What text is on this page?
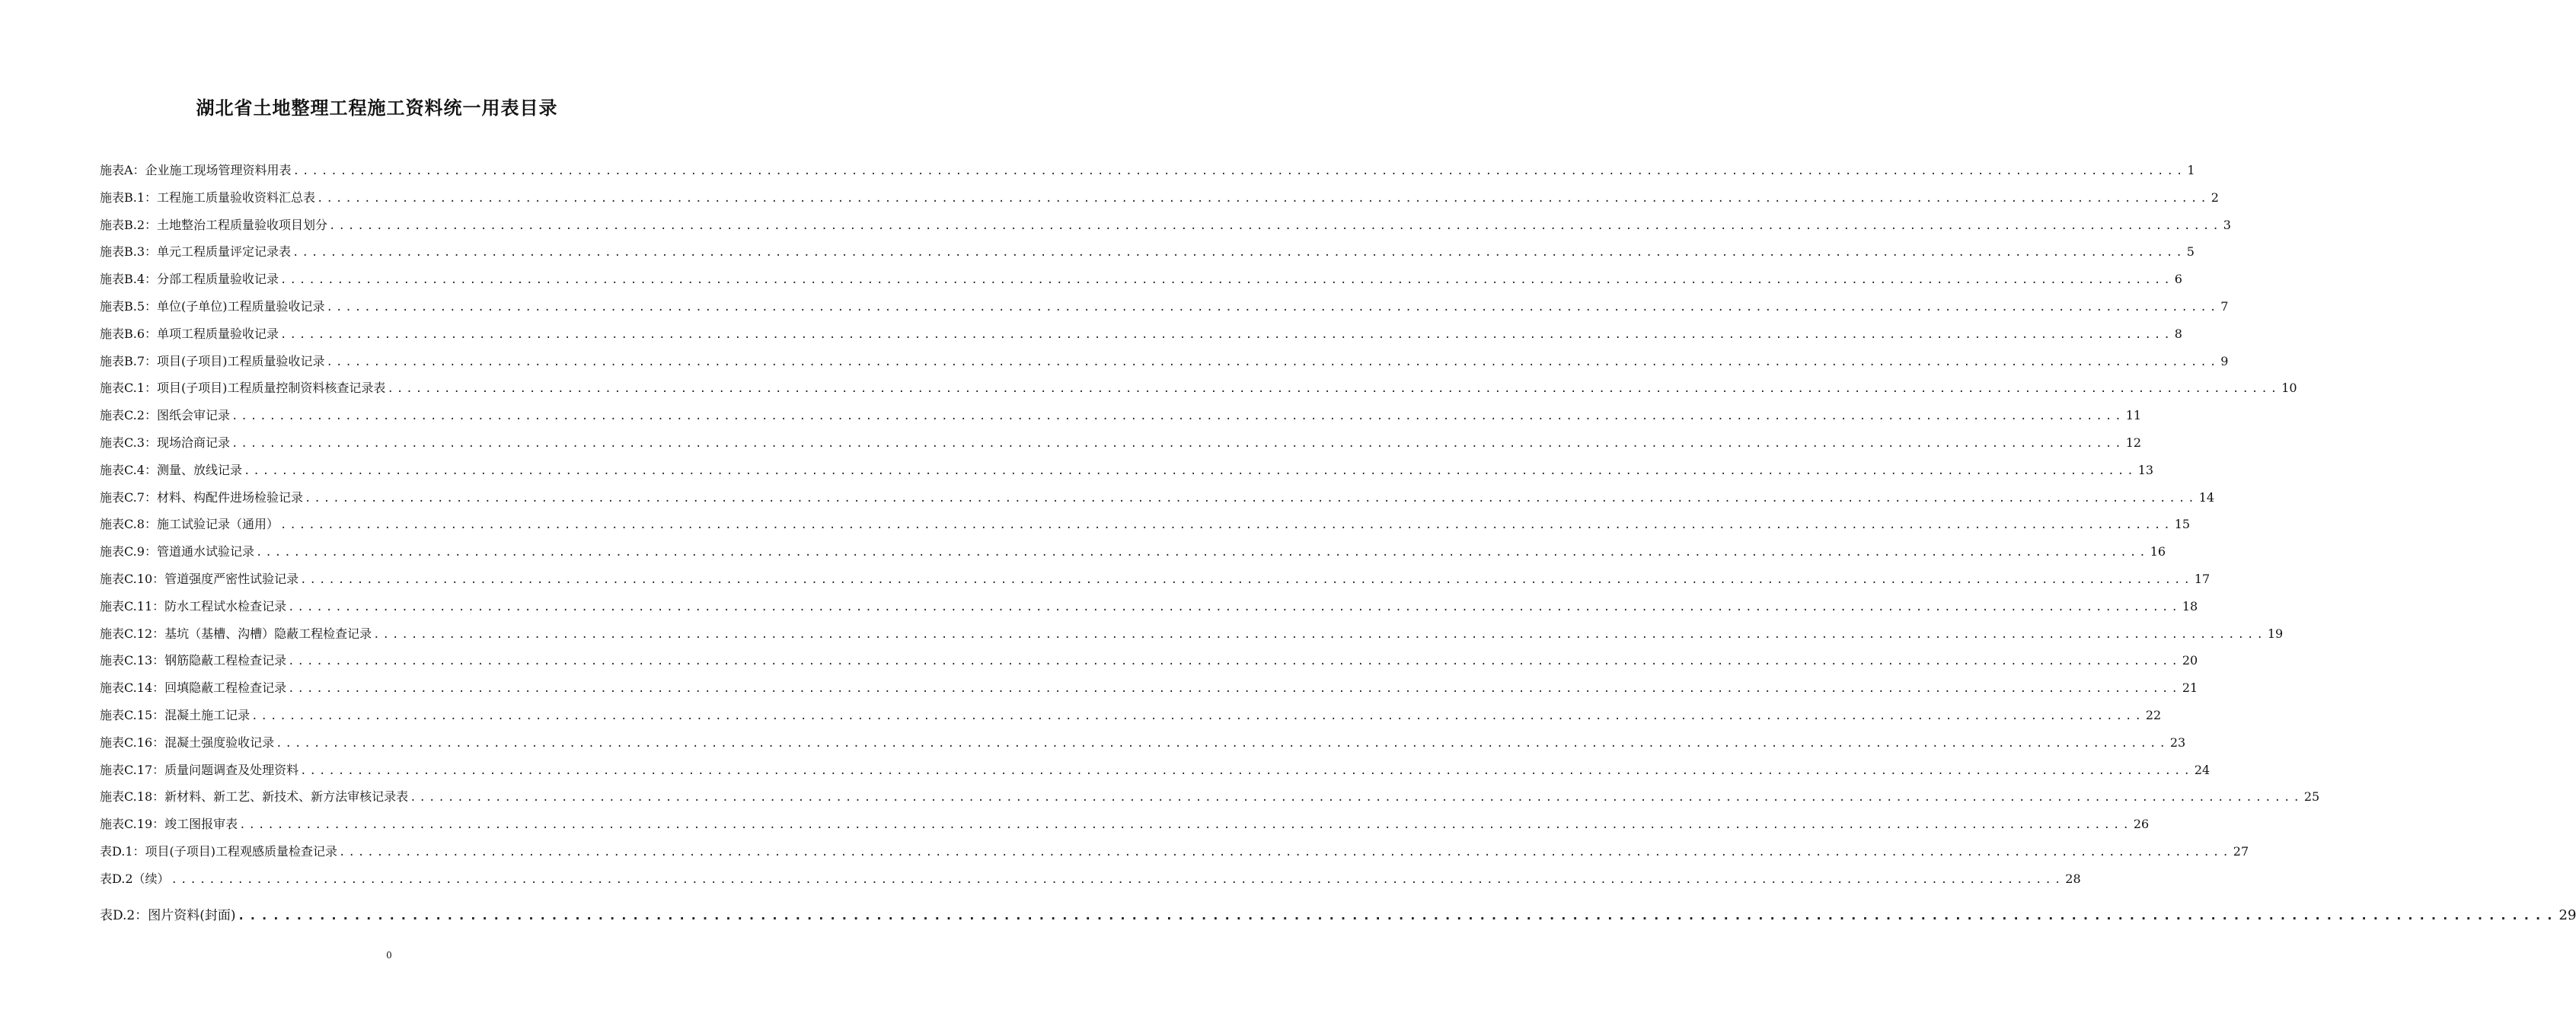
湖北省土地整理工程施工资料统一用表目录
施表A：企业施工现场管理资料用表 ........................................................................................................................................................................................................ 1
施表B.1：工程施工质量验收资料汇总表 ........................................................................................................................................................................................................ 2
施表B.2：土地整治工程质量验收项目划分 ........................................................................................................................................................................................................ 3
施表B.3：单元工程质量评定记录表 ........................................................................................................................................................................................................ 5
施表B.4：分部工程质量验收记录 ........................................................................................................................................................................................................ 6
施表B.5：单位(子单位)工程质量验收记录 ........................................................................................................................................................................................................ 7
施表B.6：单项工程质量验收记录 ........................................................................................................................................................................................................ 8
施表B.7：项目(子项目)工程质量验收记录 ........................................................................................................................................................................................................ 9
施表C.1：项目(子项目)工程质量控制资料核查记录表 ........................................................................................................................................................................................................ 10
施表C.2：图纸会审记录 ........................................................................................................................................................................................................ 11
施表C.3：现场洽商记录 ........................................................................................................................................................................................................ 12
施表C.4：测量、放线记录 ........................................................................................................................................................................................................ 13
施表C.7：材料、构配件进场检验记录 ........................................................................................................................................................................................................ 14
施表C.8：施工试验记录（通用） ........................................................................................................................................................................................................ 15
施表C.9：管道通水试验记录 ........................................................................................................................................................................................................ 16
施表C.10：管道强度严密性试验记录 ........................................................................................................................................................................................................ 17
施表C.11：防水工程试水检查记录 ........................................................................................................................................................................................................ 18
施表C.12：基坑（基槽、沟槽）隐蔽工程检查记录 ........................................................................................................................................................................................................ 19
施表C.13：钢筋隐蔽工程检查记录 ........................................................................................................................................................................................................ 20
施表C.14：回填隐蔽工程检查记录 ........................................................................................................................................................................................................ 21
施表C.15：混凝土施工记录 ........................................................................................................................................................................................................ 22
施表C.16：混凝土强度验收记录 ........................................................................................................................................................................................................ 23
施表C.17：质量问题调查及处理资料 ........................................................................................................................................................................................................ 24
施表C.18：新材料、新工艺、新技术、新方法审核记录表 ........................................................................................................................................................................................................ 25
施表C.19：竣工图报审表 ........................................................................................................................................................................................................ 26
表D.1：项目(子项目)工程观感质量检查记录 ........................................................................................................................................................................................................ 27
表D.2（续） ........................................................................................................................................................................................................ 28
表D.2：图片资料(封面) ........................................................................................................................................................................................................ 29
0
